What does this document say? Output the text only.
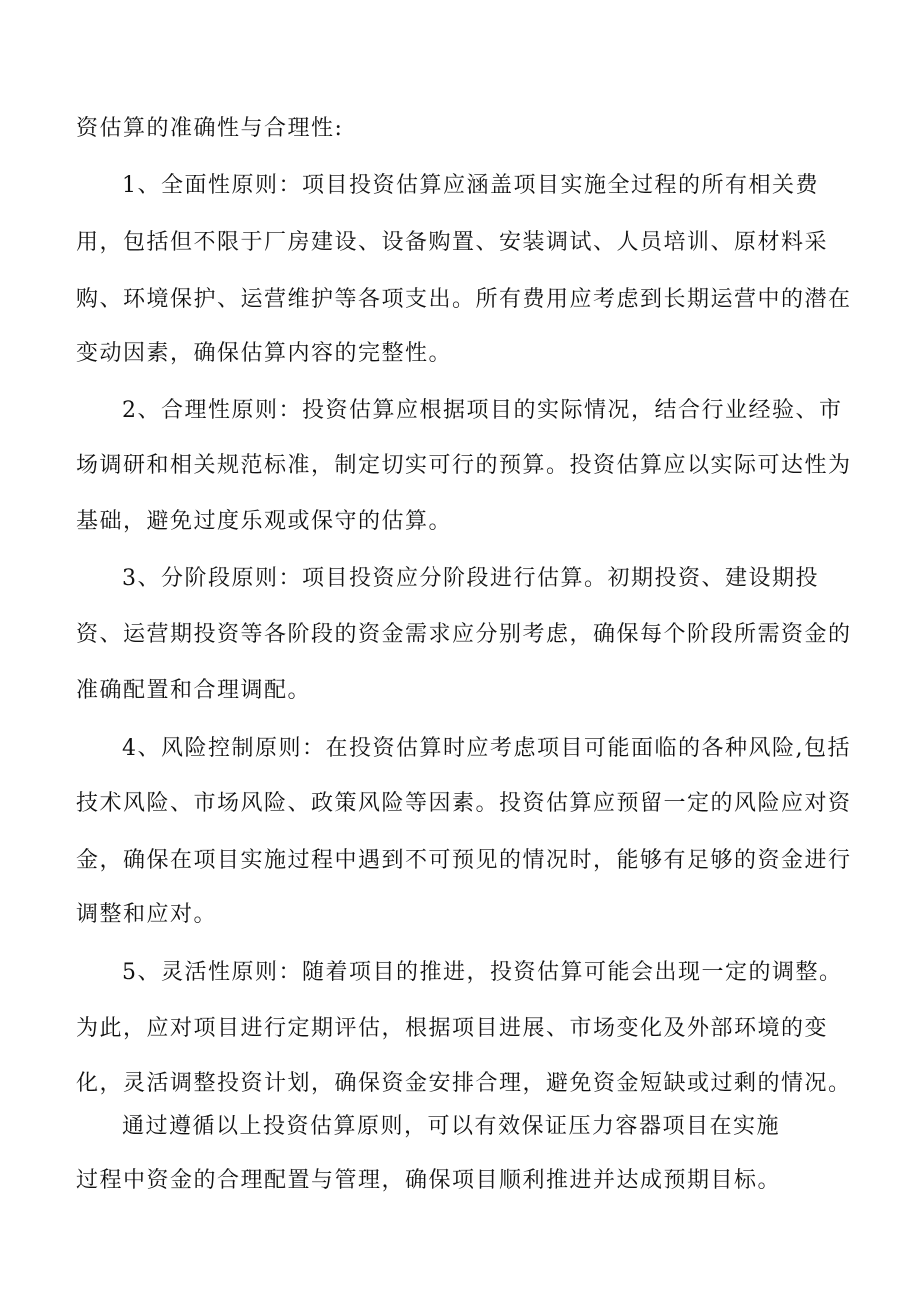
资估算的准确性与合理性:
1、全面性原则：项目投资估算应涵盖项目实施全过程的所有相关费
用，包括但不限于厂房建设、设备购置、安装调试、人员培训、原材料采
购、环境保护、运营维护等各项支出。所有费用应考虑到长期运营中的潜在
变动因素，确保估算内容的完整性。
2、合理性原则：投资估算应根据项目的实际情况，结合行业经验、市
场调研和相关规范标准，制定切实可行的预算。投资估算应以实际可达性为
基础，避免过度乐观或保守的估算。
3、分阶段原则：项目投资应分阶段进行估算。初期投资、建设期投
资、运营期投资等各阶段的资金需求应分别考虑，确保每个阶段所需资金的
准确配置和合理调配。
4、风险控制原则：在投资估算时应考虑项目可能面临的各种风险,包括
技术风险、市场风险、政策风险等因素。投资估算应预留一定的风险应对资
金，确保在项目实施过程中遇到不可预见的情况时，能够有足够的资金进行
调整和应对。
5、灵活性原则：随着项目的推进，投资估算可能会出现一定的调整。
为此，应对项目进行定期评估，根据项目进展、市场变化及外部环境的变
化，灵活调整投资计划，确保资金安排合理，避免资金短缺或过剩的情况。
通过遵循以上投资估算原则，可以有效保证压力容器项目在实施
过程中资金的合理配置与管理，确保项目顺利推进并达成预期目标。
